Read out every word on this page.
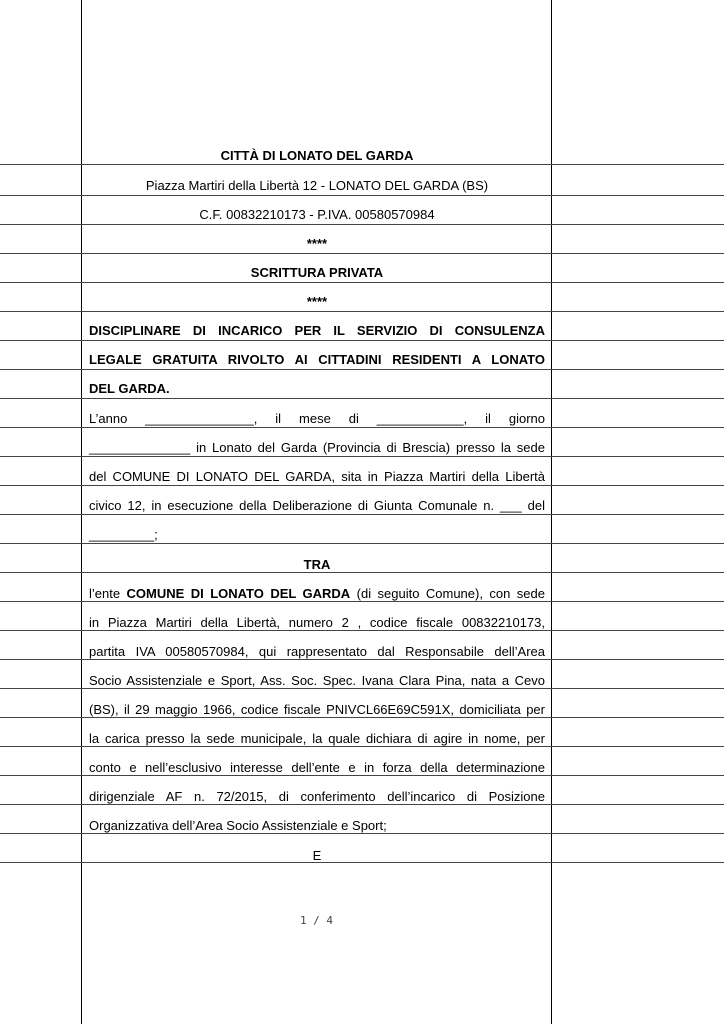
CITTÀ DI LONATO DEL GARDA
Piazza Martiri della Libertà 12 - LONATO DEL GARDA (BS)
C.F. 00832210173 - P.IVA. 00580570984
****
SCRITTURA PRIVATA
****
DISCIPLINARE DI INCARICO PER IL SERVIZIO DI CONSULENZA
LEGALE GRATUITA RIVOLTO AI CITTADINI RESIDENTI A LONATO
DEL GARDA.
L’anno _______________, il mese di ____________, il giorno
______________ in Lonato del Garda (Provincia di Brescia) presso la sede
del COMUNE DI LONATO DEL GARDA, sita in Piazza Martiri della Libertà
civico 12, in esecuzione della Deliberazione di Giunta Comunale n. ___ del
_________;
TRA
l’ente COMUNE DI LONATO DEL GARDA (di seguito Comune), con sede
in Piazza Martiri della Libertà, numero 2 , codice fiscale 00832210173,
partita IVA 00580570984, qui rappresentato dal Responsabile dell’Area
Socio Assistenziale e Sport, Ass. Soc. Spec. Ivana Clara Pina, nata a Cevo
(BS), il 29 maggio 1966, codice fiscale PNIVCL66E69C591X, domiciliata per
la carica presso la sede municipale, la quale dichiara di agire in nome, per
conto e nell’esclusivo interesse dell’ente e in forza della determinazione
dirigenziale AF n. 72/2015, di conferimento dell’incarico di Posizione
Organizzativa dell’Area Socio Assistenziale e Sport;
E
1 / 4
